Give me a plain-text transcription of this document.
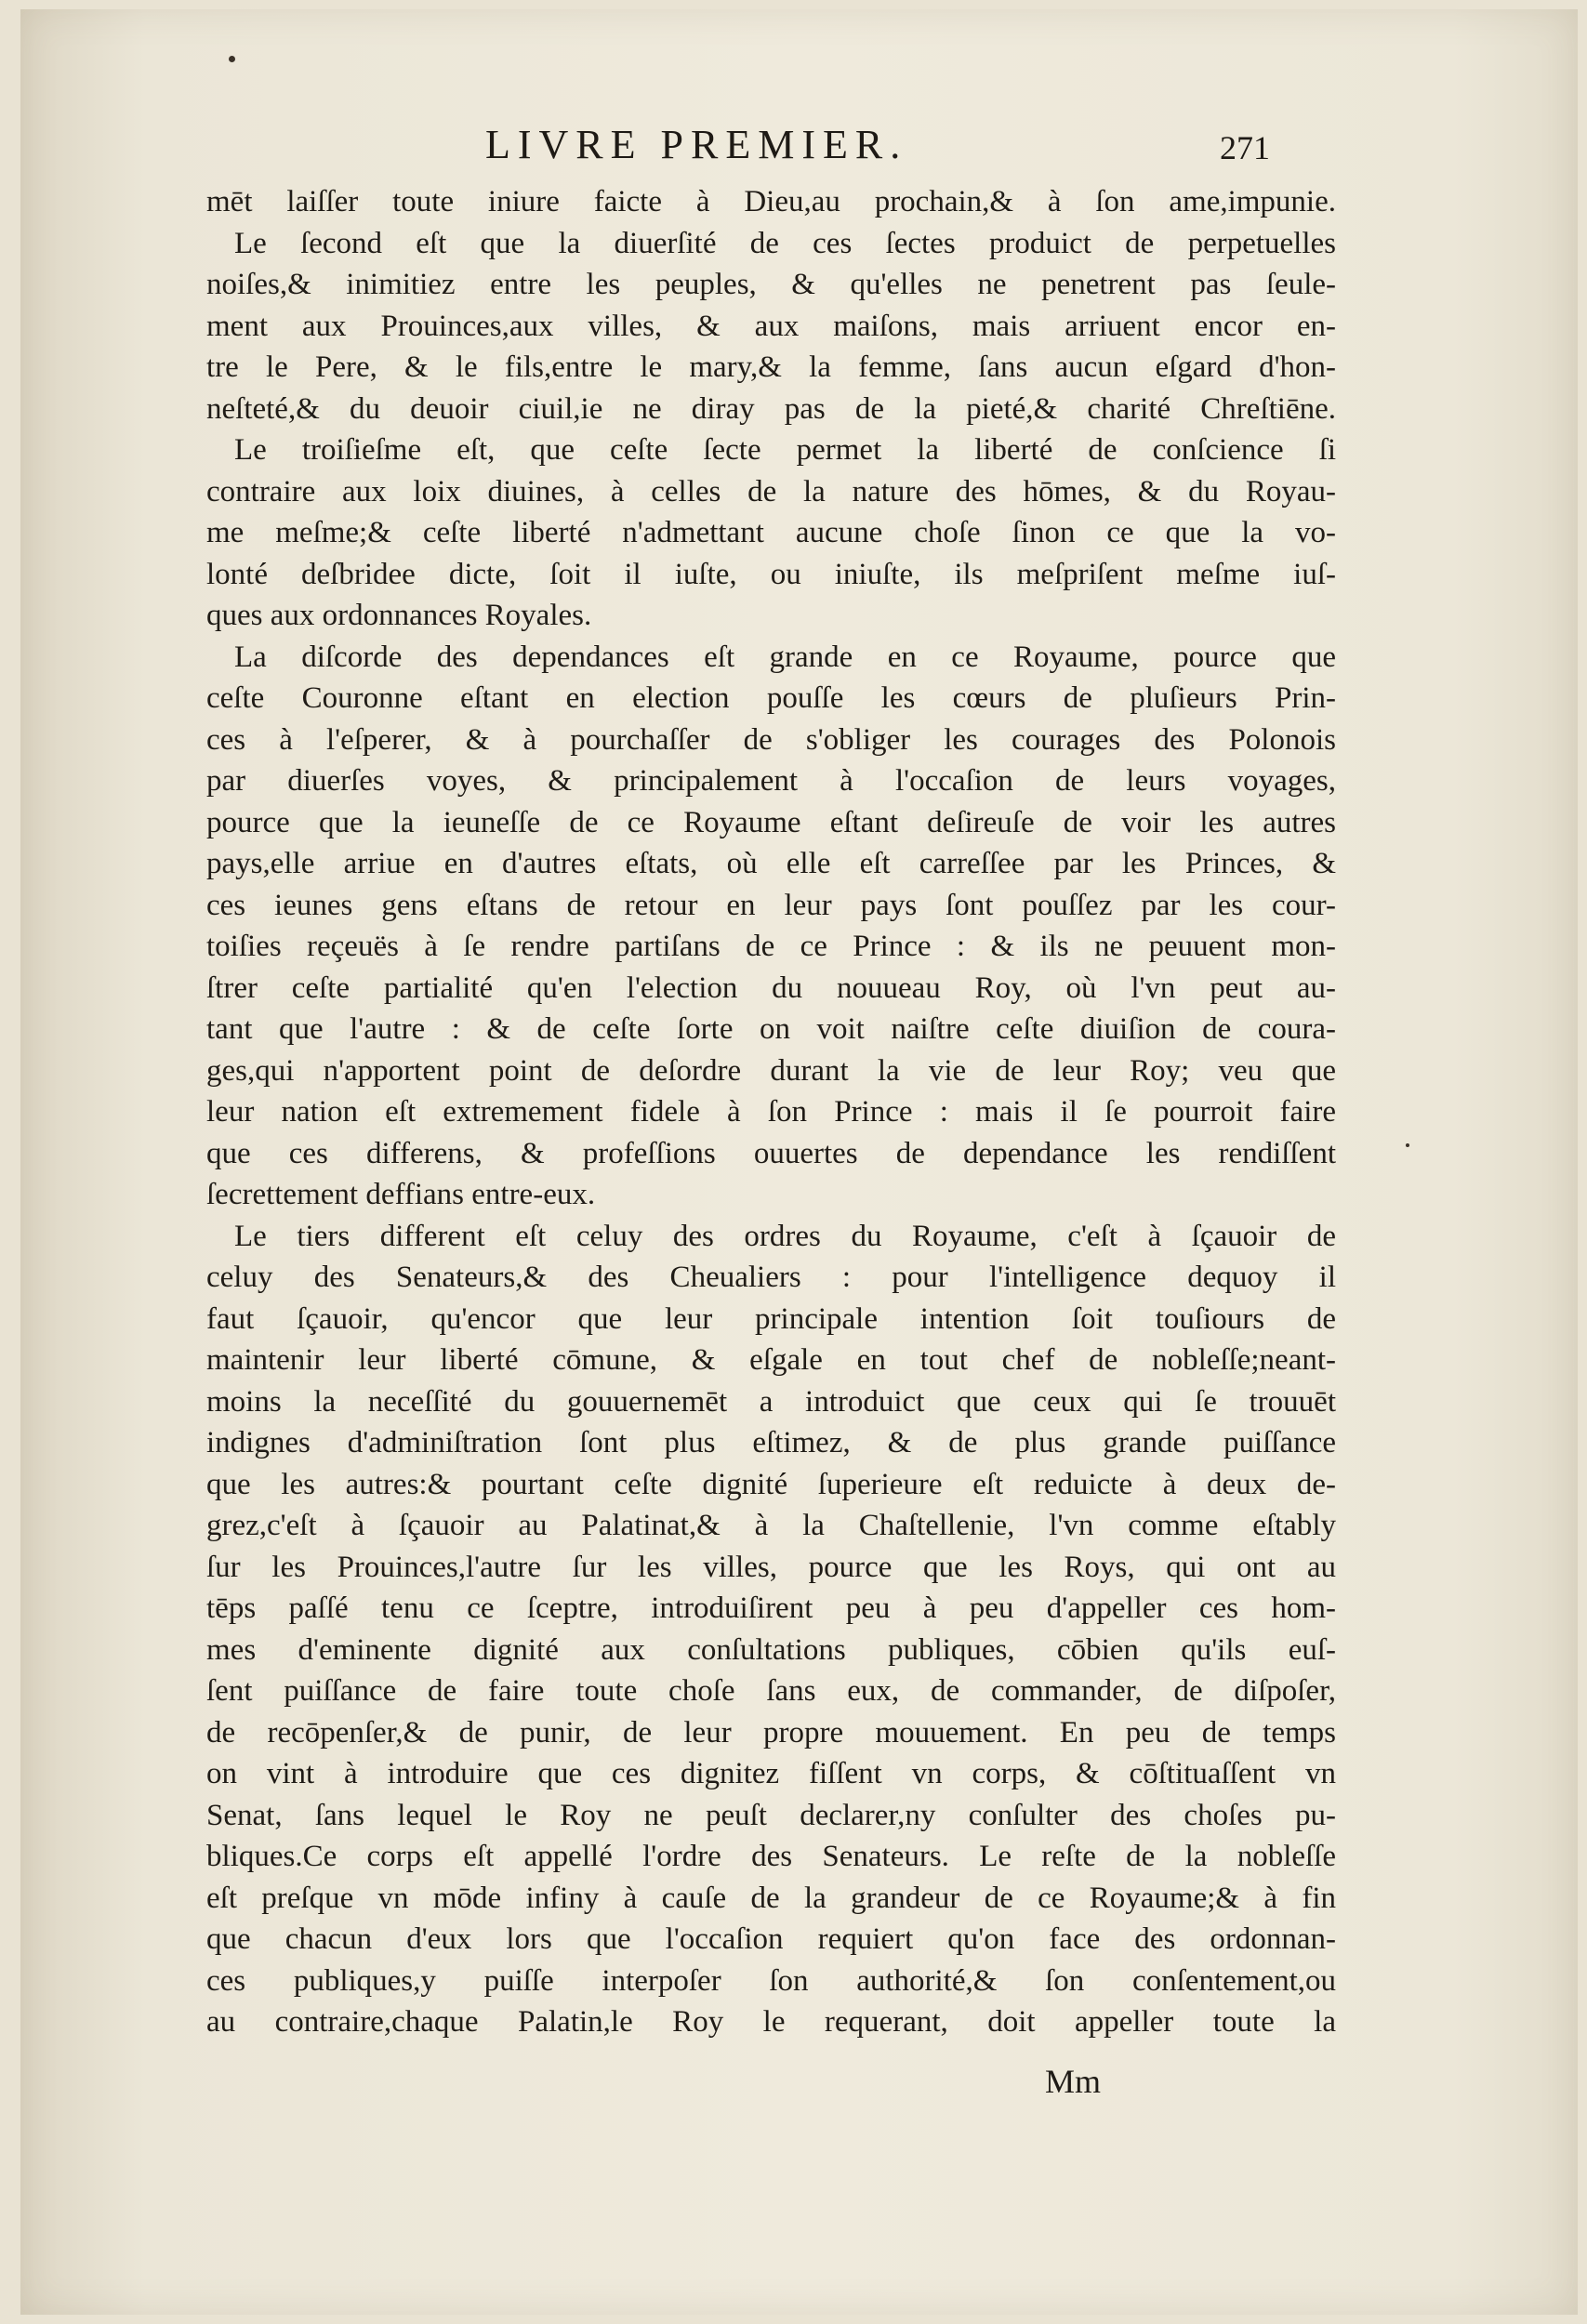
LIVRE PREMIER.	271
mēt laiſſer toute iniure faicte à Dieu,au prochain,& à ſon ame,impunie.
Le ſecond eſt que la diuerſité de ces ſectes produict de perpetuelles
noiſes,& inimitiez entre les peuples, & qu'elles ne penetrent pas ſeule-
ment aux Prouinces,aux villes, & aux maiſons, mais arriuent encor en-
tre le Pere, & le fils,entre le mary,& la femme, ſans aucun eſgard d'hon-
neſteté,& du deuoir ciuil,ie ne diray pas de la pieté,& charité Chreſtiēne.
Le troiſieſme eſt, que ceſte ſecte permet la liberté de conſcience ſi
contraire aux loix diuines, à celles de la nature des hōmes, & du Royau-
me meſme;& ceſte liberté n'admettant aucune choſe ſinon ce que la vo-
lonté deſbridee dicte, ſoit il iuſte, ou iniuſte, ils meſpriſent meſme iuſ-
ques aux ordonnances Royales.
La diſcorde des dependances eſt grande en ce Royaume, pource que
ceſte Couronne eſtant en election pouſſe les cœurs de pluſieurs Prin-
ces à l'eſperer, & à pourchaſſer de s'obliger les courages des Polonois
par diuerſes voyes, & principalement à l'occaſion de leurs voyages,
pource que la ieuneſſe de ce Royaume eſtant deſireuſe de voir les autres
pays,elle arriue en d'autres eſtats, où elle eſt carreſſee par les Princes, &
ces ieunes gens eſtans de retour en leur pays ſont pouſſez par les cour-
toiſies reçeuës à ſe rendre partiſans de ce Prince : & ils ne peuuent mon-
ſtrer ceſte partialité qu'en l'election du nouueau Roy, où l'vn peut au-
tant que l'autre : & de ceſte ſorte on voit naiſtre ceſte diuiſion de coura-
ges,qui n'apportent point de deſordre durant la vie de leur Roy; veu que
leur nation eſt extremement fidele à ſon Prince : mais il ſe pourroit faire
que ces differens, & profeſſions ouuertes de dependance les rendiſſent
ſecrettement deffians entre-eux.
Le tiers different eſt celuy des ordres du Royaume, c'eſt à ſçauoir de
celuy des Senateurs,& des Cheualiers : pour l'intelligence dequoy il
faut ſçauoir, qu'encor que leur principale intention ſoit touſiours de
maintenir leur liberté cōmune, & eſgale en tout chef de nobleſſe;neant-
moins la neceſſité du gouuernemēt a introduict que ceux qui ſe trouuēt
indignes d'adminiſtration ſont plus eſtimez, & de plus grande puiſſance
que les autres:& pourtant ceſte dignité ſuperieure eſt reduicte à deux de-
grez,c'eſt à ſçauoir au Palatinat,& à la Chaſtellenie, l'vn comme eſtably
ſur les Prouinces,l'autre ſur les villes, pource que les Roys, qui ont au
tēps paſſé tenu ce ſceptre, introduiſirent peu à peu d'appeller ces hom-
mes d'eminente dignité aux conſultations publiques, cōbien qu'ils euſ-
ſent puiſſance de faire toute choſe ſans eux, de commander, de diſpoſer,
de recōpenſer,& de punir, de leur propre mouuement. En peu de temps
on vint à introduire que ces dignitez fiſſent vn corps, & cōſtituaſſent vn
Senat, ſans lequel le Roy ne peuſt declarer,ny conſulter des choſes pu-
bliques.Ce corps eſt appellé l'ordre des Senateurs. Le reſte de la nobleſſe
eſt preſque vn mōde infiny à cauſe de la grandeur de ce Royaume;& à fin
que chacun d'eux lors que l'occaſion requiert qu'on face des ordonnan-
ces publiques,y puiſſe interpoſer ſon authorité,& ſon conſentement,ou
au contraire,chaque Palatin,le Roy le requerant, doit appeller toute la
Mm
